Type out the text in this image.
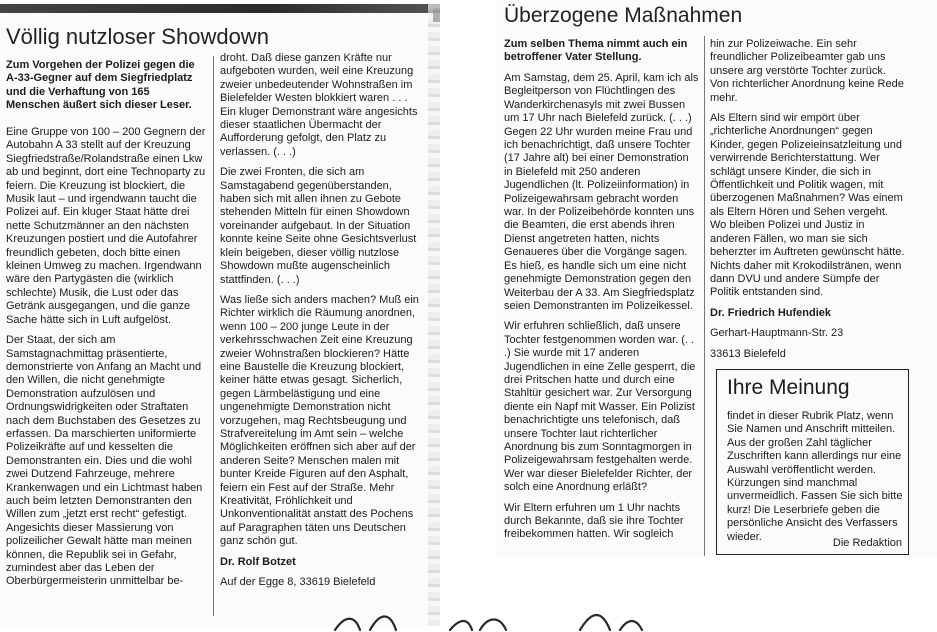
Völlig nutzloser Showdown

Zum Vorgehen der Polizei gegen die A-33-Gegner auf dem Siegfriedplatz und die Verhaftung von 165 Menschen äußert sich dieser Leser.

Eine Gruppe von 100 – 200 Gegnern der Autobahn A 33 stellt auf der Kreuzung Siegfriedstraße/Rolandstraße einen Lkw ab und beginnt, dort eine Technoparty zu feiern. Die Kreuzung ist blockiert, die Musik laut – und irgendwann taucht die Polizei auf. Ein kluger Staat hätte drei nette Schutzmänner an den nächsten Kreuzungen postiert und die Autofahrer freundlich gebeten, doch bitte einen kleinen Umweg zu machen. Irgendwann wäre den Partygästen die (wirklich schlechte) Musik, die Lust oder das Getränk ausgegangen, und die ganze Sache hätte sich in Luft aufgelöst.

Der Staat, der sich am Samstagnachmittag präsentierte, demonstrierte von Anfang an Macht und den Willen, die nicht genehmigte Demonstration aufzulösen und Ordnungswidrigkeiten oder Straftaten nach dem Buchstaben des Gesetzes zu erfassen. Da marschierten uniformierte Polizeikräfte auf und kesselten die Demonstranten ein. Dies und die wohl zwei Dutzend Fahrzeuge, mehrere Krankenwagen und ein Lichtmast haben auch beim letzten Demonstranten den Willen zum „jetzt erst recht“ gefestigt. Angesichts dieser Massierung von polizeilicher Gewalt hätte man meinen können, die Republik sei in Gefahr, zumindest aber das Leben der Oberbürgermeisterin unmittelbar be-

droht. Daß diese ganzen Kräfte nur aufgeboten wurden, weil eine Kreuzung zweier unbedeutender Wohnstraßen im Bielefelder Westen blokkiert waren . . . Ein kluger Demonstrant wäre angesichts dieser staatlichen Übermacht der Aufforderung gefolgt, den Platz zu verlassen. (. . .)

Die zwei Fronten, die sich am Samstagabend gegenüberstanden, haben sich mit allen ihnen zu Gebote stehenden Mitteln für einen Showdown voreinander aufgebaut. In der Situation konnte keine Seite ohne Gesichtsverlust klein beigeben, dieser völlig nutzlose Showdown mußte augenscheinlich stattfinden. (. . .)

Was ließe sich anders machen? Muß ein Richter wirklich die Räumung anordnen, wenn 100 – 200 junge Leute in der verkehrsschwachen Zeit eine Kreuzung zweier Wohnstraßen blockieren? Hätte eine Baustelle die Kreuzung blockiert, keiner hätte etwas gesagt. Sicherlich, gegen Lärmbelästigung und eine ungenehmigte Demonstration nicht vorzugehen, mag Rechtsbeugung und Strafvereitelung im Amt sein – welche Möglichkeiten eröffnen sich aber auf der anderen Seite? Menschen malen mit bunter Kreide Figuren auf den Asphalt, feiern ein Fest auf der Straße. Mehr Kreativität, Fröhlichkeit und Unkonventionalität anstatt des Pochens auf Paragraphen täten uns Deutschen ganz schön gut.

Dr. Rolf Botzet

Auf der Egge 8, 33619 Bielefeld

Überzogene Maßnahmen

Zum selben Thema nimmt auch ein betroffener Vater Stellung.

Am Samstag, dem 25. April, kam ich als Begleitperson von Flüchtlingen des Wanderkirchenasyls mit zwei Bussen um 17 Uhr nach Bielefeld zurück. (. . .) Gegen 22 Uhr wurden meine Frau und ich benachrichtigt, daß unsere Tochter (17 Jahre alt) bei einer Demonstration in Bielefeld mit 250 anderen Jugendlichen (lt. Polizeiinformation) in Polizeigewahrsam gebracht worden war. In der Polizeibehörde konnten uns die Beamten, die erst abends ihren Dienst angetreten hatten, nichts Genaueres über die Vorgänge sagen. Es hieß, es handle sich um eine nicht genehmigte Demonstration gegen den Weiterbau der A 33. Am Siegfriedsplatz seien Demonstranten im Polizeikessel.

Wir erfuhren schließlich, daß unsere Tochter festgenommen worden war. (. . .) Sie wurde mit 17 anderen Jugendlichen in eine Zelle gesperrt, die drei Pritschen hatte und durch eine Stahltür gesichert war. Zur Versorgung diente ein Napf mit Wasser. Ein Polizist benachrichtigte uns telefonisch, daß unsere Tochter laut richterlicher Anordnung bis zum Sonntagmorgen in Polizeigewahrsam festgehalten werde. Wer war dieser Bielefelder Richter, der solch eine Anordnung erläßt?

Wir Eltern erfuhren um 1 Uhr nachts durch Bekannte, daß sie ihre Tochter freibekommen hatten. Wir sogleich

hin zur Polizeiwache. Ein sehr freundlicher Polizeibeamter gab uns unsere arg verstörte Tochter zurück. Von richterlicher Anordnung keine Rede mehr.

Als Eltern sind wir empört über „richterliche Anordnungen“ gegen Kinder, gegen Polizeieinsatzleitung und verwirrende Berichterstattung. Wer schlägt unsere Kinder, die sich in Öffentlichkeit und Politik wagen, mit überzogenen Maßnahmen? Was einem als Eltern Hören und Sehen vergeht. Wo bleiben Polizei und Justiz in anderen Fällen, wo man sie sich beherzter im Auftreten gewünscht hätte. Nichts daher mit Krokodilstränen, wenn dann DVU und andere Sümpfe der Politik entstanden sind.

Dr. Friedrich Hufendiek

Gerhart-Hauptmann-Str. 23

33613 Bielefeld

Ihre Meinung

findet in dieser Rubrik Platz, wenn Sie Namen und Anschrift mitteilen. Aus der großen Zahl täglicher Zuschriften kann allerdings nur eine Auswahl veröffentlicht werden. Kürzungen sind manchmal unvermeidlich. Fassen Sie sich bitte kurz! Die Leserbriefe geben die persönliche Ansicht des Verfassers wieder.

Die Redaktion
